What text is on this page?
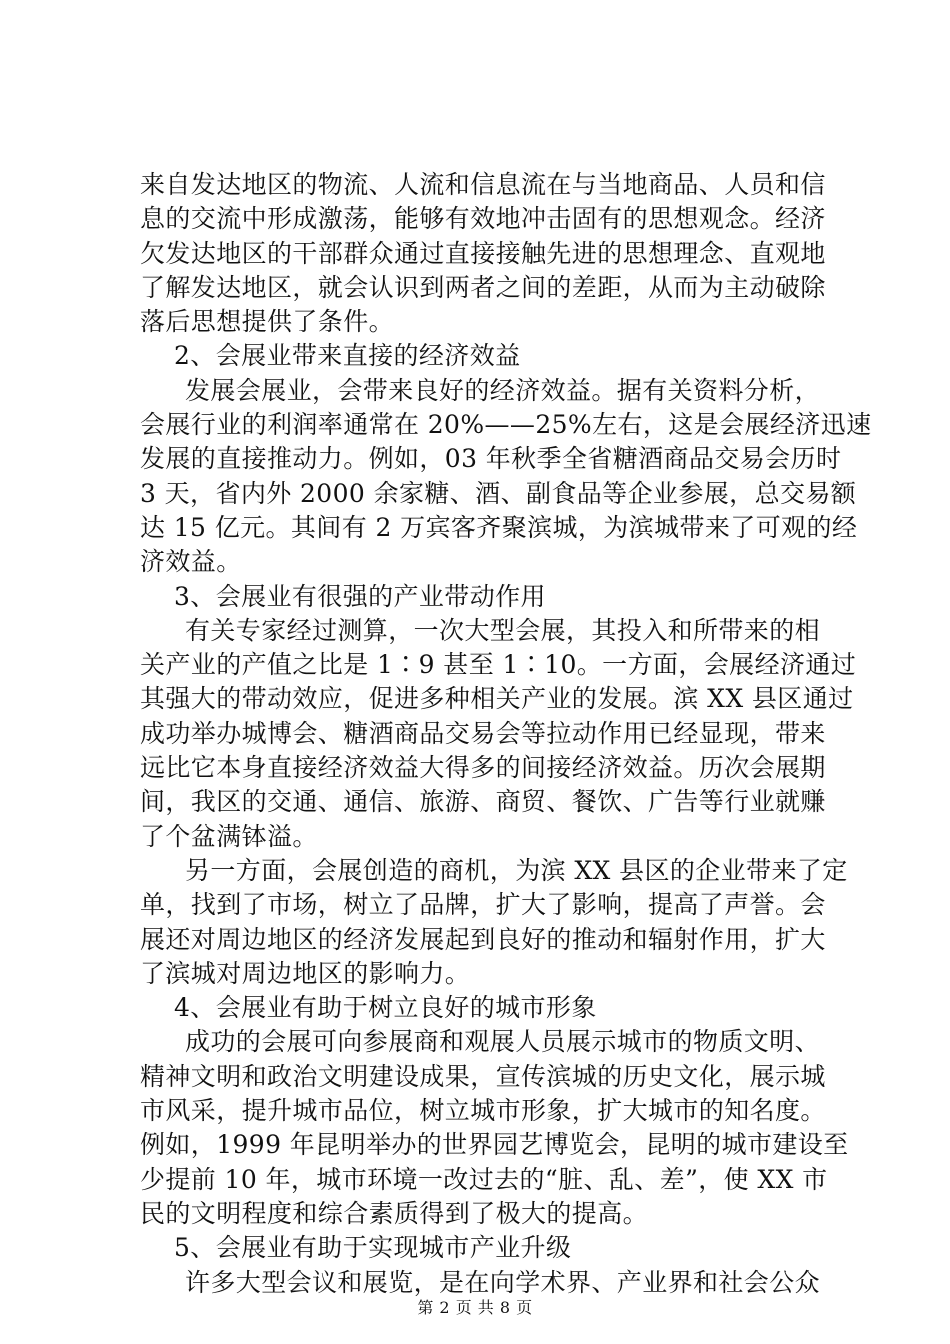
来自发达地区的物流、人流和信息流在与当地商品、人员和信
息的交流中形成激荡，能够有效地冲击固有的思想观念。经济
欠发达地区的干部群众通过直接接触先进的思想理念、直观地
了解发达地区，就会认识到两者之间的差距，从而为主动破除
落后思想提供了条件。
2、会展业带来直接的经济效益
发展会展业，会带来良好的经济效益。据有关资料分析，
会展行业的利润率通常在 20%——25%左右，这是会展经济迅速
发展的直接推动力。例如，03 年秋季全省糖酒商品交易会历时
3 天，省内外 2000 余家糖、酒、副食品等企业参展，总交易额
达 15 亿元。其间有 2 万宾客齐聚滨城，为滨城带来了可观的经
济效益。
3、会展业有很强的产业带动作用
有关专家经过测算，一次大型会展，其投入和所带来的相
关产业的产值之比是 1∶9 甚至 1∶10。一方面，会展经济通过
其强大的带动效应，促进多种相关产业的发展。滨 XX 县区通过
成功举办城博会、糖酒商品交易会等拉动作用已经显现，带来
远比它本身直接经济效益大得多的间接经济效益。历次会展期
间，我区的交通、通信、旅游、商贸、餐饮、广告等行业就赚
了个盆满钵溢。
另一方面，会展创造的商机，为滨 XX 县区的企业带来了定
单，找到了市场，树立了品牌，扩大了影响，提高了声誉。会
展还对周边地区的经济发展起到良好的推动和辐射作用，扩大
了滨城对周边地区的影响力。
4、会展业有助于树立良好的城市形象
成功的会展可向参展商和观展人员展示城市的物质文明、
精神文明和政治文明建设成果，宣传滨城的历史文化，展示城
市风采，提升城市品位，树立城市形象，扩大城市的知名度。
例如，1999 年昆明举办的世界园艺博览会，昆明的城市建设至
少提前 10 年，城市环境一改过去的“脏、乱、差”，使 XX 市
民的文明程度和综合素质得到了极大的提高。
5、会展业有助于实现城市产业升级
许多大型会议和展览，是在向学术界、产业界和社会公众
第 2 页 共 8 页
